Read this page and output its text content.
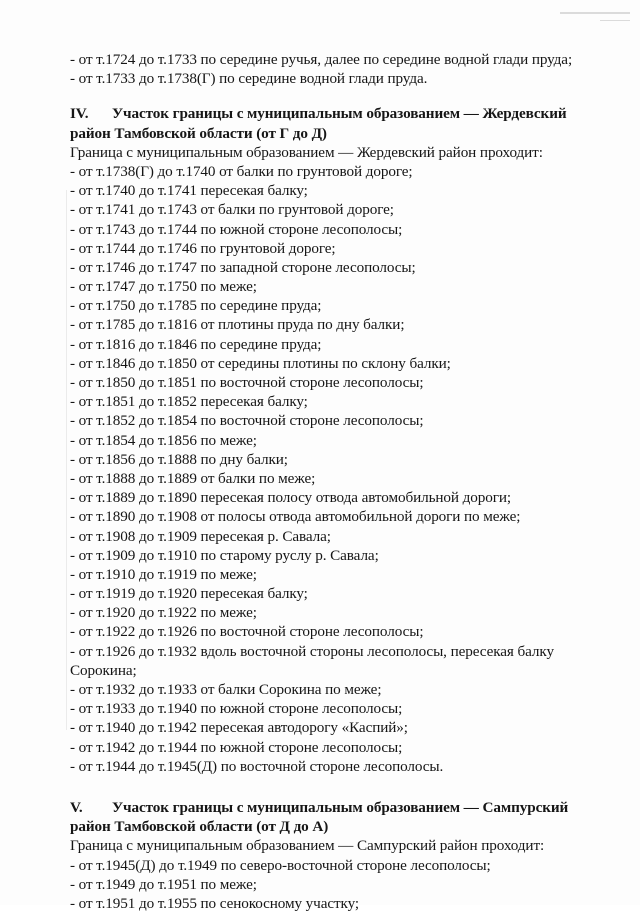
- от т.1724 до т.1733 по середине ручья, далее по середине водной глади пруда;
- от т.1733 до т.1738(Г) по середине водной глади пруда.
IV. Участок границы с муниципальным образованием — Жердевский
район Тамбовской области (от Г до Д)
Граница с муниципальным образованием — Жердевский район проходит:
- от т.1738(Г) до т.1740 от балки по грунтовой дороге;
- от т.1740 до т.1741 пересекая балку;
- от т.1741 до т.1743 от балки по грунтовой дороге;
- от т.1743 до т.1744 по южной стороне лесополосы;
- от т.1744 до т.1746 по грунтовой дороге;
- от т.1746 до т.1747 по западной стороне лесополосы;
- от т.1747 до т.1750 по меже;
- от т.1750 до т.1785 по середине пруда;
- от т.1785 до т.1816 от плотины пруда по дну балки;
- от т.1816 до т.1846 по середине пруда;
- от т.1846 до т.1850 от середины плотины по склону балки;
- от т.1850 до т.1851 по восточной стороне лесополосы;
- от т.1851 до т.1852 пересекая балку;
- от т.1852 до т.1854 по восточной стороне лесополосы;
- от т.1854 до т.1856 по меже;
- от т.1856 до т.1888 по дну балки;
- от т.1888 до т.1889 от балки по меже;
- от т.1889 до т.1890 пересекая полосу отвода автомобильной дороги;
- от т.1890 до т.1908 от полосы отвода автомобильной дороги по меже;
- от т.1908 до т.1909 пересекая р. Савала;
- от т.1909 до т.1910 по старому руслу р. Савала;
- от т.1910 до т.1919 по меже;
- от т.1919 до т.1920 пересекая балку;
- от т.1920 до т.1922 по меже;
- от т.1922 до т.1926 по восточной стороне лесополосы;
- от т.1926 до т.1932 вдоль восточной стороны лесополосы, пересекая балку
Сорокина;
- от т.1932 до т.1933 от балки Сорокина по меже;
- от т.1933 до т.1940 по южной стороне лесополосы;
- от т.1940 до т.1942 пересекая автодорогу «Каспий»;
- от т.1942 до т.1944 по южной стороне лесополосы;
- от т.1944 до т.1945(Д) по восточной стороне лесополосы.
V. Участок границы с муниципальным образованием — Сампурский
район Тамбовской области (от Д до А)
Граница с муниципальным образованием — Сампурский район проходит:
- от т.1945(Д) до т.1949 по северо-восточной стороне лесополосы;
- от т.1949 до т.1951 по меже;
- от т.1951 до т.1955 по сенокосному участку;
